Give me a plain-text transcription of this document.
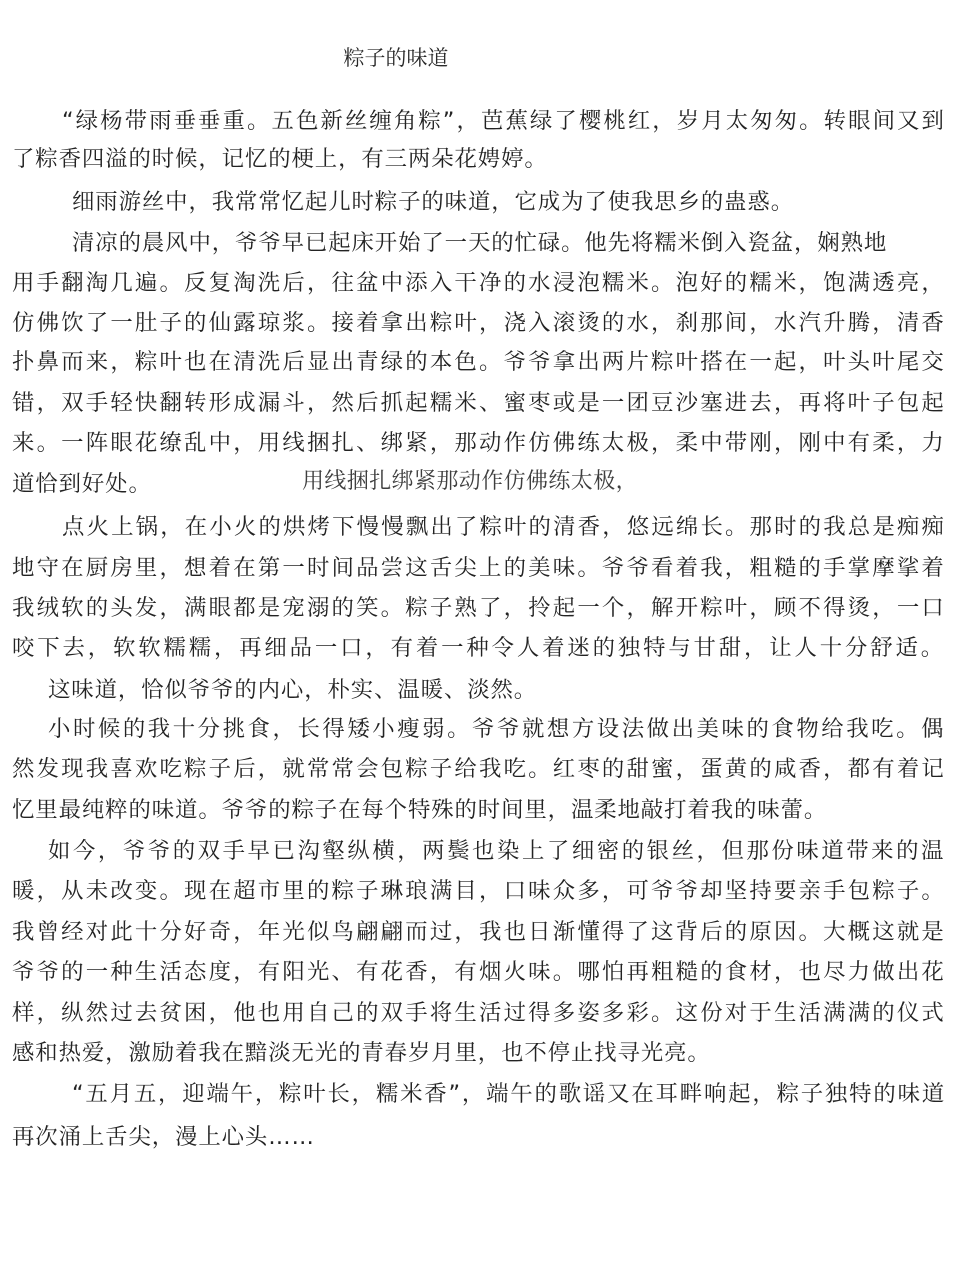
粽子的味道
“绿杨带雨垂垂重。五色新丝缠角粽”，芭蕉绿了樱桃红，岁月太匆匆。转眼间又到
了粽香四溢的时候，记忆的梗上，有三两朵花娉婷。
细雨游丝中，我常常忆起儿时粽子的味道，它成为了使我思乡的蛊惑。
清凉的晨风中，爷爷早已起床开始了一天的忙碌。他先将糯米倒入瓷盆，娴熟地
用手翻淘几遍。反复淘洗后，往盆中添入干净的水浸泡糯米。泡好的糯米，饱满透亮，
仿佛饮了一肚子的仙露琼浆。接着拿出粽叶，浇入滚烫的水，刹那间，水汽升腾，清香
扑鼻而来，粽叶也在清洗后显出青绿的本色。爷爷拿出两片粽叶搭在一起，叶头叶尾交
错，双手轻快翻转形成漏斗，然后抓起糯米、蜜枣或是一团豆沙塞进去，再将叶子包起
来。一阵眼花缭乱中，用线捆扎、绑紧，那动作仿佛练太极，柔中带刚，刚中有柔，力
道恰到好处。
点火上锅，在小火的烘烤下慢慢飘出了粽叶的清香，悠远绵长。那时的我总是痴痴
地守在厨房里，想着在第一时间品尝这舌尖上的美味。爷爷看着我，粗糙的手掌摩挲着
我绒软的头发，满眼都是宠溺的笑。粽子熟了，拎起一个，解开粽叶，顾不得烫，一口
咬下去，软软糯糯，再细品一口，有着一种令人着迷的独特与甘甜，让人十分舒适。
这味道，恰似爷爷的内心，朴实、温暖、淡然。
小时候的我十分挑食，长得矮小瘦弱。爷爷就想方设法做出美味的食物给我吃。偶
然发现我喜欢吃粽子后，就常常会包粽子给我吃。红枣的甜蜜，蛋黄的咸香，都有着记
忆里最纯粹的味道。爷爷的粽子在每个特殊的时间里，温柔地敲打着我的味蕾。
如今，爷爷的双手早已沟壑纵横，两鬓也染上了细密的银丝，但那份味道带来的温
暖，从未改变。现在超市里的粽子琳琅满目，口味众多，可爷爷却坚持要亲手包粽子。
我曾经对此十分好奇，年光似鸟翩翩而过，我也日渐懂得了这背后的原因。大概这就是
爷爷的一种生活态度，有阳光、有花香，有烟火味。哪怕再粗糙的食材，也尽力做出花
样，纵然过去贫困，他也用自己的双手将生活过得多姿多彩。这份对于生活满满的仪式
感和热爱，激励着我在黯淡无光的青春岁月里，也不停止找寻光亮。
“五月五，迎端午，粽叶长，糯米香”，端午的歌谣又在耳畔响起，粽子独特的味道
再次涌上舌尖，漫上心头……
用线捆扎绑紧那动作仿佛练太极，
